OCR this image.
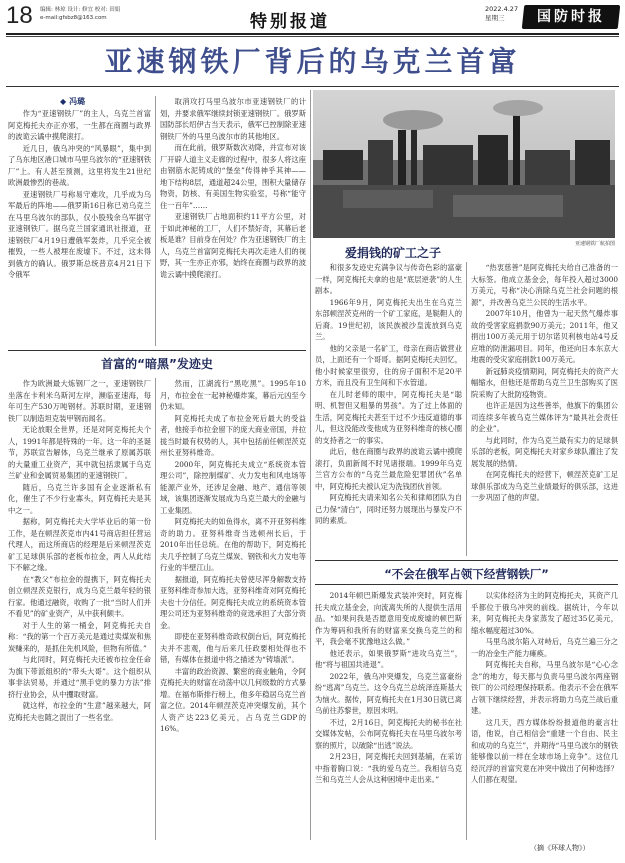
18 编辑: 林琼 设计: 修宜 校对: 田娟
e-mail:gfsbz8@163.com	特别报道
2022.4.27
星期三	国防时报
亚速钢铁厂背后的乌克兰首富
亚速钢铁厂航拍图
◆ 冯璐

作为“亚速钢铁厂”的主人，乌克兰首富阿克梅托夫亦正亦邪，一生都在商圈与政界的波诡云谲中摸爬滚打。

近几日，俄乌冲突的“风暴眼”，集中到了乌东地区港口城市马里乌波尔的“亚速钢铁厂”上。有人甚至预测，这里将发生21世纪欧洲最惨烈的巷战。

亚速钢铁厂号称易守难攻，几乎成为乌军最后的阵地——俄罗斯16日称已劝乌克兰在马里乌波尔的部队，仅小股残余乌军据守亚速钢铁厂。据乌克兰国家通讯社报道，亚速钢铁厂4月19日遭俄军轰炸，几乎完全被摧毁，一些人被埋在废墟下。不过，这未得到俄方的确认。俄罗斯总统普京4月21日下令俄军

取消攻打马里乌波尔市亚速钢铁厂的计划，并要求俄军继续封锁亚速钢铁厂。俄罗斯国防部长绍伊古当天表示，俄军已控制除亚速钢铁厂外的马里乌波尔市的其他地区。

而在此前，俄罗斯数次劝降，并宣布对该厂开辟人道主义走廊的过程中，很多人将这座由钢筋水泥铸成的“堡垒”传得神乎其神——地下结构8层，通道超24公里，围积大量储存物资，防核、有美国生物实验室，号称“能守住一百年”……

亚速钢铁厂占地面积约11平方公里，对于如此神秘的工厂，人们不禁好奇，其幕后老板是谁？目前身在何处？作为亚速钢铁厂的主人，乌克兰首富阿克梅托夫再次走进人们的视野，其一生亦正亦邪，始终在商圈与政界的波诡云谲中摸爬滚打。

首富的“暗黑”发迹史

作为欧洲最大炼钢厂之一，亚速钢铁厂坐落在卡利米乌斯河左岸，濒临亚速海，每年可生产530万吨钢材。苏联时期，亚速钢铁厂以制造坦克装甲钢而闻名。

无论放眼全世界，还是对阿克梅托夫个人，1991年都是特殊的一年。这一年的圣诞节，苏联宣告解体，乌克兰继承了原属苏联的大量重工业资产，其中就包括隶属于乌克兰矿业和金属贸易集团的亚速钢铁厂。

随后，乌克兰许多国有企业逐渐私有化，催生了不少行业寡头，阿克梅托夫是其中之一。

据称，阿克梅托夫大学毕业后的第一份工作，是在顿涅茨克市内41号商店担任营运代理人，而这所商店的经理是后来顿涅茨克矿工足球俱乐部的老板布拉金，两人从此结下不解之缘。

在“教父”布拉金的提携下，阿克梅托夫创立顿涅茨克银行，成为乌克兰最年轻的银行家。他通过融资，收购了一批“当时人们并不看见”的矿业资产，从中获利颇丰。

对于人生的第一桶金，阿克梅托夫自称：“我的第一个百万美元是通过卖煤炭和焦炭赚来的，是抓住先机风险，但物有所值。”

与此同时，阿克梅托夫还被布拉金任命为旗下带派组织的“带头大哥”。这个组织从事非法贸易，并通过“黑手党的暴力方法”排挤行业协会，从中攫取财富。

就这样，布拉金的“生意”越来越大，阿克梅托夫也随之混出了一些名堂。

然而，江湖流行“黑吃黑”。1995年10月，布拉金在一起神秘爆炸案，幕后元凶至今仍未知。

阿克梅托夫成了布拉金死后最大的受益者，他接手布拉金留下的庞大商业帝国，并拉拢当时最有权势的人，其中包括前任顿涅茨克州长亚努科维奇。

2000年，阿克梅托夫成立“系统资本管理公司”，除控制煤矿、火力发电和风电场等能源产业外，还涉足金融、地产、通信等领域，该集团逐渐发展成为乌克兰最大的金融与工业集团。

阿克梅托夫的如鱼得水，离不开亚努科维奇的助力。亚努科维奇当选顿州长后，于2010年出任总统。在他的帮助下，阿克梅托夫几乎控制了乌克兰煤炭、钢铁和火力发电等行业的半壁江山。

据报道，阿克梅托夫曾使尽浑身解数支持亚努科维奇参加大选，亚努科维奇对阿克梅托夫也十分信任。阿克梅托夫成立的系统资本管理公司还为亚努科维奇的竞选承担了大部分资金。

即使在亚努科维奇政权倒台后，阿克梅托夫并不悲观，他与后来几任政要相处得也不错，有媒体在报道中将之描述为“铸墙派”。

丰富的政治资源、繁密的商业触角，令阿克梅托夫的财富在动荡中以几何级数的方式暴增。在福布斯排行榜上，他多年稳居乌克兰首富之位。2014年顿涅茨克冲突爆发前，其个人资产达223亿美元，占乌克兰GDP的16%。

爱捐钱的矿工之子

和很多发迹史充满争议与传奇色彩的富豪一样，阿克梅托夫拿的也是“底层逆袭”的人生剧本。

1966年9月，阿克梅托夫出生在乌克兰东部顿涅茨克州的一个矿工家庭，是鞑靼人的后裔。19世纪初，该民族被沙皇流放到乌克兰。

他的父亲是一名矿工，母亲在商店做营业员，上面还有一个哥哥。据阿克梅托夫回忆，他小时候家里很穷，住的房子面积不足20平方米，而且没有卫生间和下水管道。

在儿时老师的眼中，阿克梅托夫是“聪明、机智但又粗暴的男孩”。为了过上体面的生活，阿克梅托夫甚至干过不少违反道德的事儿，但这没能改变他成为亚努科维奇的核心圈的支持者之一的事实。

此后，他在商圈与政界的波诡云谲中摸爬滚打，负面新闻不时见诸报端。1999年乌克兰官方公布的“乌克兰最危险犯罪团伙”名单中，阿克梅托夫被认定为洗钱团伙首领。

阿克梅托夫请来知名公关和律师团队为自己力保“清白”，同时还努力展现出与暴发户不同的素质。

“热衷慈善”是阿克梅托夫给自己准备的一大标签。他成立基金会，每年投入超过3000万美元，号称“决心消除乌克兰社会问题的根源”，并改善乌克兰公民的生活水平。

2007年10月，他曾为一起天然气爆炸事故的受害家庭捐款90万美元；2011年，他又捐出100万美元用于切尔诺贝利核电站4号反应堆的防泄漏项目。同年，他还向日本东京大地震的受灾家庭捐款100万美元。

新冠肺炎疫情期间，阿克梅托夫的资产大幅缩水，但他还是帮助乌克兰卫生部购买了医院采购了大批防疫物资。

也许正是因为这些善举，他旗下的集团公司连续多年被乌克兰媒体评为“最具社会责任的企业”。

与此同时，作为乌克兰最有实力的足球俱乐部的老板，阿克梅托夫对家乡球队灌注了发展发展的热情。

在阿克梅托夫的经营下，顿涅茨克矿工足球俱乐部成为乌克兰业绩最好的俱乐部，这进一步巩固了他的声望。

“不会在俄军占领下经营钢铁厂”

2014年顿巴斯爆发武装冲突时，阿克梅托夫成立基金会，向流离失所的人提供生活用品。“如果问我是否愿意用变成废墟的顿巴斯作为筹码和我所有的财富来交换乌克兰的和平，我会毫不犹豫地这么做。”

他还表示，如果俄罗斯“进攻乌克兰”，他“将与祖国共进退”。

2022年，俄乌冲突爆发，乌克兰富豪纷纷“逃离”乌克兰。这令乌克兰总统泽连斯基大为恼火。据传，阿克梅托夫在1月30日就已离乌前往苏黎世，原因未明。

不过，2月16日，阿克梅托夫的秘书在社交媒体发帖，公布阿克梅托夫在马里乌波尔考察的照片，以破除“出逃”说法。

2月23日，阿克梅托夫回到基辅，在采访中指着胸口说：“我的爱乌克兰。我相信乌克兰和乌克兰人会从这种困境中走出来。”

以实体经济为主的阿克梅托夫，其资产几乎都位于俄乌冲突的前线。据统计，今年以来，阿克梅托夫身家蒸发了超过35亿美元，缩水幅度超过30%。

马里乌波尔陷入对峙后，乌克兰遍三分之一的冶金生产能力瘫痪。

阿克梅托夫自称，马里乌波尔是“心心念念”的地方，每天都与负责马里乌波尔两座钢铁厂的公司经理保持联系。他表示不会在俄军占领下继续经营，并表示将助力乌克兰战后重建。

这几天，西方媒体纷纷报道他的豪言壮语，他说，自己相信会“重建一个自由、民主和成功的乌克兰”，并期待“马里乌波尔的钢铁能够像以前一样在全球市场上竞争”。这位几经沉浮的首富究竟在冲突中做出了何种选择？人们都在观望。

（摘《环球人物》）
